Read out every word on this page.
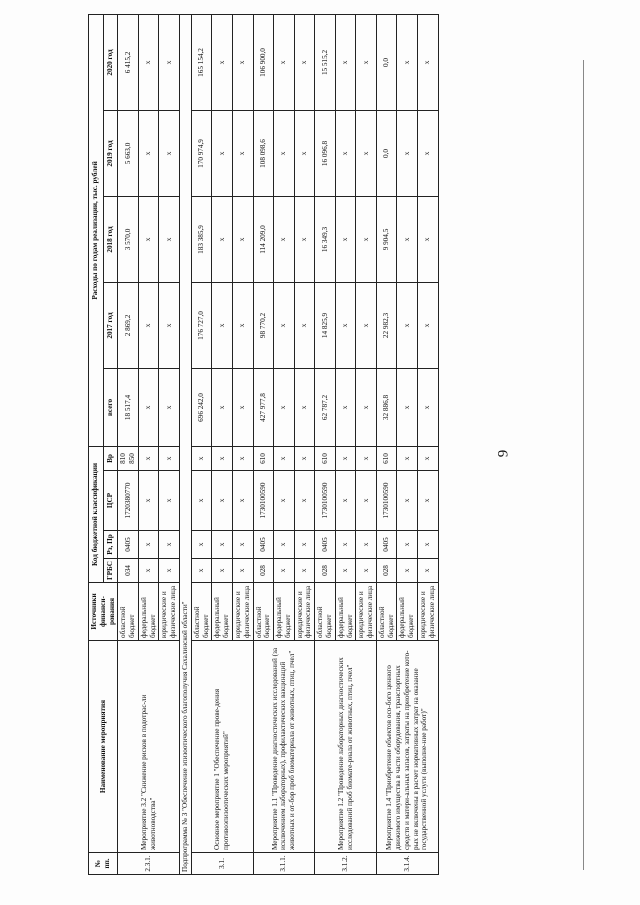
9
№ пп.	Наименование мероприятия	Источники финанси-рования	Код бюджетной классификации				Расходы по годам реализации, тыс. рублей				
			ГРБС	Рз, Пр	ЦСР	Вр	всего	2017 год	2018 год	2019 год	2020 год
2.3.1.	Мероприятие 3.2 "Снижение рисков в подотрас-ли животноводства"	областной бюджет	034	0405	1720380770	810 850	18 517,4	2 869,2	3 570,0	5 663,0	6 415,2
		федеральный бюджет	x	x	x	x	x	x	x	x	x
		юридические и физические лица	x	x	x	x	x	x	x	x	x
Подпрограмма № 3 "Обеспечение эпизоотического благополучия Сахалинской области"											
3.1.	Основное мероприятие 1 "Обеспечение прове-дения противоэпизоотических мероприятий"	областной бюджет	x	x	x	x	696 242,0	176 727,0	183 385,9	170 974,9	165 154,2
		федеральный бюджет	x	x	x	x	x	x	x	x	x
		юридические и физические лица	x	x	x	x	x	x	x	x	x
3.1.1.	Мероприятие 1.1 "Проведение диагностических исследований (за исключением лабораторных), профилактических вакцинаций животных и от-бор проб биоматериала от животных, птиц, пчел"	областной бюджет	028	0405	1730100590	610	427 977,8	98 770,2	114 209,0	108 098,6	106 900,0
		федеральный бюджет	x	x	x	x	x	x	x	x	x
		юридические и физические лица	x	x	x	x	x	x	x	x	x
3.1.2.	Мероприятие 1.2 "Проведение лабораторных диагностических исследований проб биомате-риала от животных, птиц, пчел"	областной бюджет	028	0405	1730100590	610	62 787,2	14 825,9	16 349,3	16 096,8	15 515,2
		федеральный бюджет	x	x	x	x	x	x	x	x	x
		юридические и физические лица	x	x	x	x	x	x	x	x	x
3.1.4.	Мероприятие 1.4 "Приобретение объектов осо-бого ценного движимого имущества в части оборудования, транспортных средств и матери-альных запасов, затраты на приобретение кото-рых не включены в расчет нормативных затрат на оказание государственной услуги (выполне-ние работ)"	областной бюджет	028	0405	1730100590	610	32 886,8	22 982,3	9 904,5	0,0	0,0
		федеральный бюджет	x	x	x	x	x	x	x	x	x
		юридические и физические лица	x	x	x	x	x	x	x	x	x
